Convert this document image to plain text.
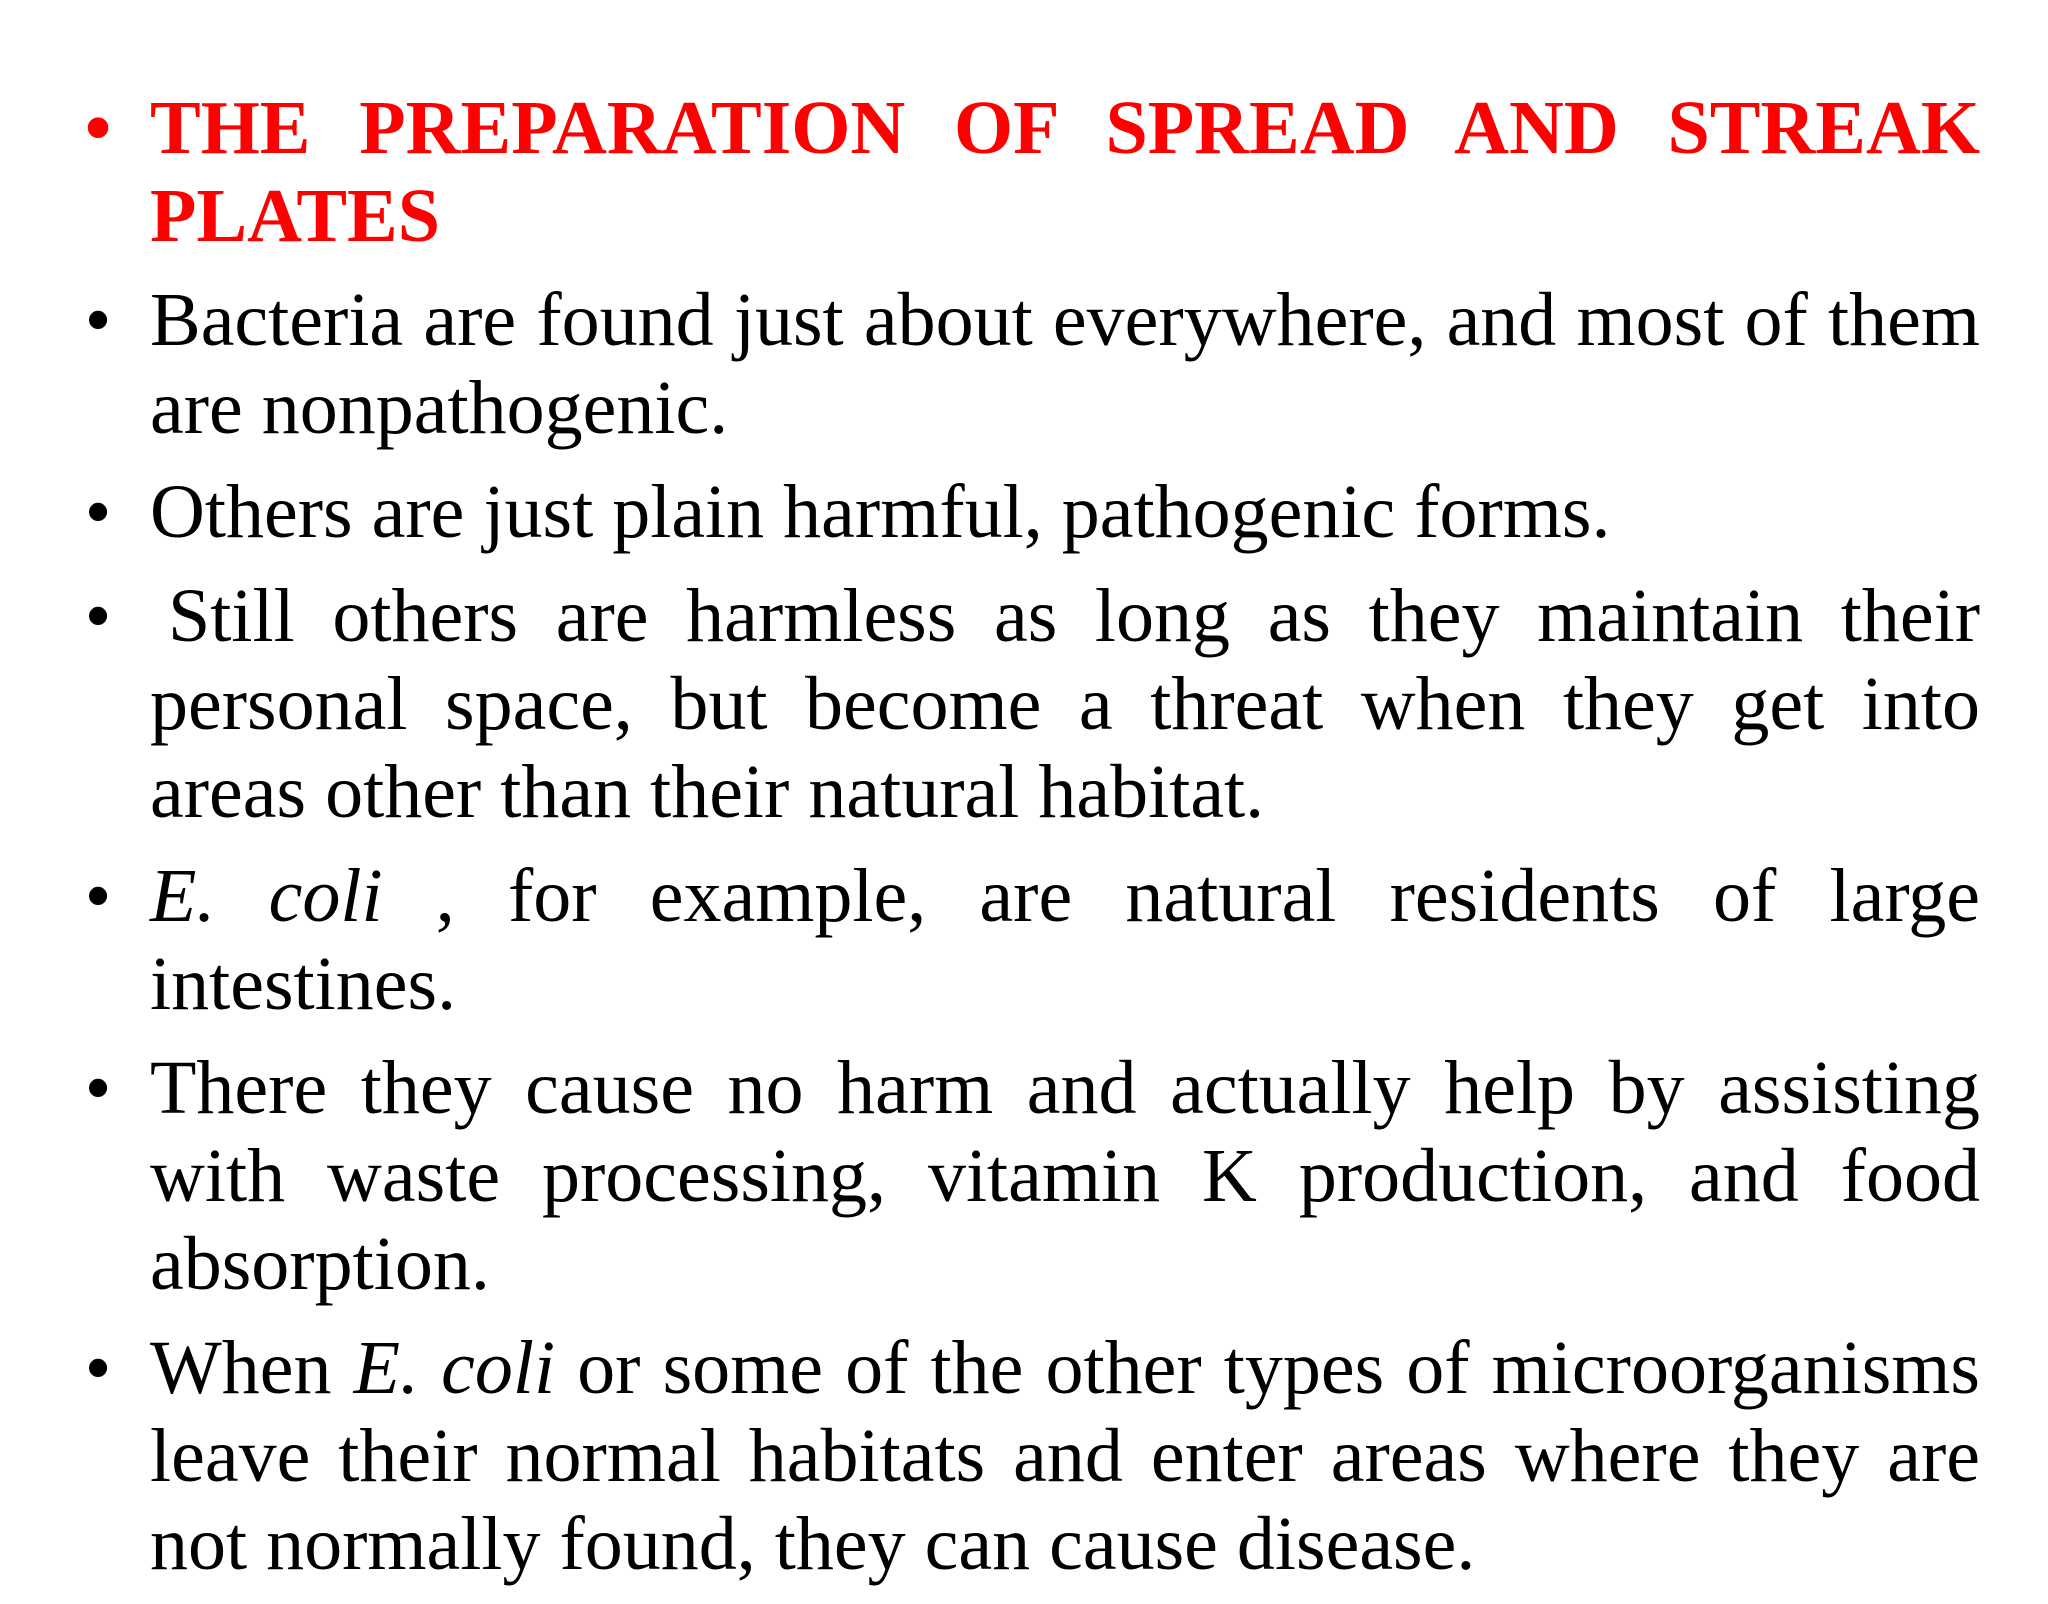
• THE PREPARATION OF SPREAD AND STREAK PLATES
• Bacteria are found just about everywhere, and most of them are nonpathogenic.
• Others are just plain harmful, pathogenic forms.
• Still others are harmless as long as they maintain their personal space, but become a threat when they get into areas other than their natural habitat.
• E. coli , for example, are natural residents of large intestines.
• There they cause no harm and actually help by assisting with waste processing, vitamin K production, and food absorption.
• When E. coli or some of the other types of microorganisms leave their normal habitats and enter areas where they are not normally found, they can cause disease.
